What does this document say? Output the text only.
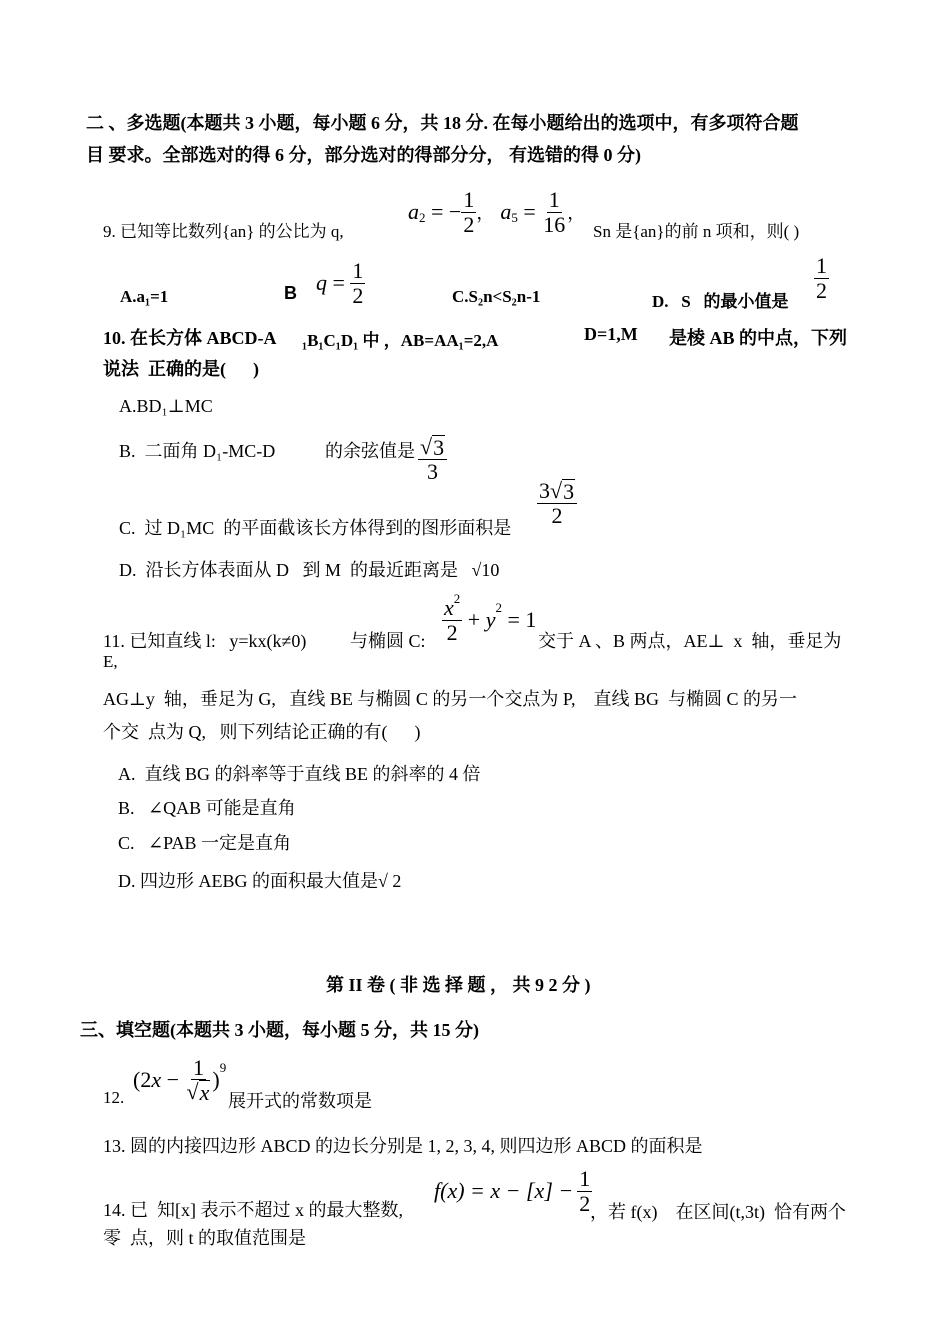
二 、多选题(本题共 3 小题，每小题 6 分，共 18 分. 在每小题给出的选项中，有多项符合题
目 要求。全部选对的得 6 分，部分选对的得部分分， 有选错的得 0 分)
9. 已知等比数列{an} 的公比为 q,
a 2 = − $\frac{1}{2}$ ， a $5 = \frac{1}{16}$ ，
Sn 是{an}的前 n 项和，则( )
A.a₁=1	B $q = \frac{1}{2}$	C.S₂n<S₂n-1	D.   S   的最小值是 $\frac{1}{2}$
10. 在长方体 ABCD-A ₁B₁C₁D₁ 中 ，AB=AA₁=2,A	D=1,M 是棱 AB 的中点，下列
说法  正确的是(      )
A.BD₁⊥MC
B.  二面角 D₁-MC-D	的余弦值是 $\frac{√ 3}{3}$
C.  过 D₁MC  的平面截该长方体得到的图形面积是
$\frac{3 √ 3}{2}$
D.  沿长方体表面从 D   到 M  的最近距离是   √10
11. 已知直线 l:   y=kx(k≠0) 与椭圆 C: $\frac{x^2}{2} + y$ 2 = 1
交于 A 、B 两点，AE⊥  x  轴，垂足为
E,
AG⊥y  轴，垂足为 G,   直线 BE 与椭圆 C 的另一个交点为 P,    直线 BG  与椭圆 C 的另一
个交  点为 Q,   则下列结论正确的有(      )
A.  直线 BG 的斜率等于直线 BE 的斜率的 4 倍
B.   ∠QAB 可能是直角
C.   ∠PAB 一定是直角
D. 四边形 AEBG 的面积最大值是√ 2
第 II 卷 ( 非 选 择 题 ， 共 9 2 分 )
三、填空题(本题共 3 小题，每小题 5 分，共 15 分)
12.
(2 $x - \frac{1}{√ x}$ ) 9
展开式的常数项是
13. 圆的内接四边形 ABCD 的边长分别是 1, 2, 3, 4, 则四边形 ABCD 的面积是
14. 已  知[x] 表示不超过 x 的最大整数,
f $(x) = x - [x] - \frac{1}{2}$
，若 f(x)    在区间(t,3t)  恰有两个
零  点，则 t 的取值范围是
